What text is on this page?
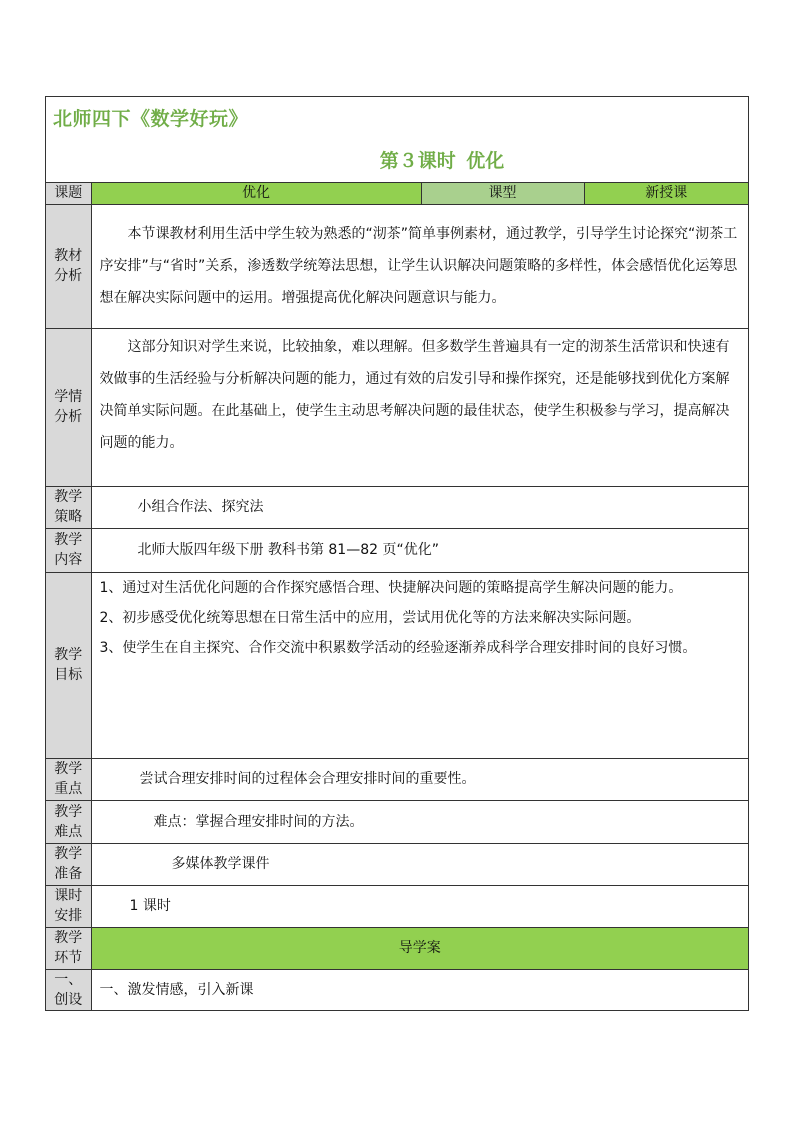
北师四下《数学好玩》
第３课时 优化
课题	优化	课型	新授课
教材分析	本节课教材利用生活中学生较为熟悉的“沏茶”简单事例素材，通过教学，引导学生讨论探究“沏茶工序安排”与“省时”关系，渗透数学统筹法思想，让学生认识解决问题策略的多样性，体会感悟优化运筹思想在解决实际问题中的运用。增强提高优化解决问题意识与能力。		
学情分析	这部分知识对学生来说，比较抽象，难以理解。但多数学生普遍具有一定的沏茶生活常识和快速有效做事的生活经验与分析解决问题的能力，通过有效的启发引导和操作探究，还是能够找到优化方案解决简单实际问题。在此基础上，使学生主动思考解决问题的最佳状态，使学生积极参与学习，提高解决问题的能力。		
教学策略	小组合作法、探究法		
教学内容	北师大版四年级下册 教科书第 81—82 页“优化”		
教学目标	1、通过对生活优化问题的合作探究感悟合理、快捷解决问题的策略提高学生解决问题的能力。
2、初步感受优化统筹思想在日常生活中的应用，尝试用优化等的方法来解决实际问题。
3、使学生在自主探究、合作交流中积累数学活动的经验逐渐养成科学合理安排时间的良好习惯。		

教学重点	尝试合理安排时间的过程体会合理安排时间的重要性。		
教学难点	难点：掌握合理安排时间的方法。		
教学准备	多媒体教学课件		
课时安排	1 课时		
教学环节	导学案		
一、创设	一、激发情感，引入新课		
